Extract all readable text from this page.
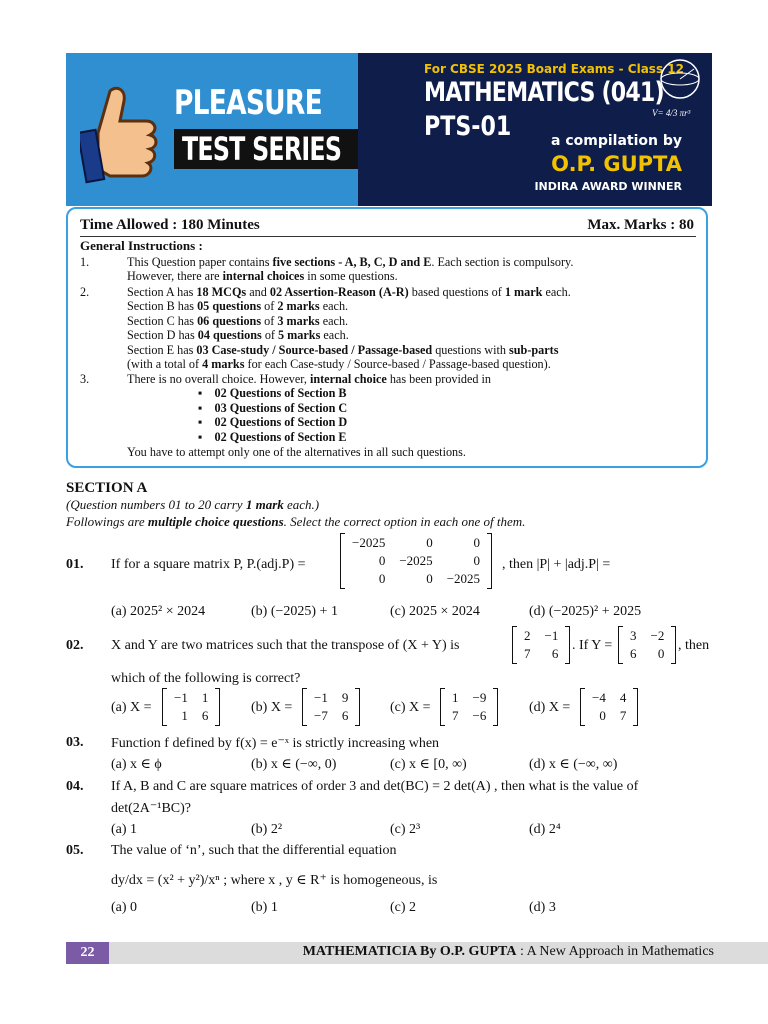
PLEASURE
TEST SERIES
For CBSE 2025 Board Exams - Class 12
MATHEMATICS (041)
PTS-01	V= 4/3 πr³
a compilation by
O.P. GUPTA
INDIRA AWARD WINNER
Time Allowed : 180 Minutes	Max. Marks : 80
General Instructions :
1.	This Question paper contains five sections - A, B, C, D and E. Each section is compulsory.
However, there are internal choices in some questions.
2.	Section A has 18 MCQs and 02 Assertion-Reason (A-R) based questions of 1 mark each.
Section B has 05 questions of 2 marks each.
Section C has 06 questions of 3 marks each.
Section D has 04 questions of 5 marks each.
Section E has 03 Case-study / Source-based / Passage-based questions with sub-parts
(with a total of 4 marks for each Case-study / Source-based / Passage-based question).
3.	There is no overall choice. However, internal choice has been provided in
▪    02 Questions of Section B
▪    03 Questions of Section C
▪    02 Questions of Section D
▪    02 Questions of Section E
You have to attempt only one of the alternatives in all such questions.
SECTION A
(Question numbers 01 to 20 carry 1 mark each.)
Followings are multiple choice questions. Select the correct option in each one of them.
01. If for a square matrix P, P.(adj.P) =
−2025	0	0
0	−2025	0
0	0	−2025
, then |P| + |adj.P| =
(a) 2025² × 2024	(b) (−2025) + 1	(c) 2025 × 2024	(d) (−2025)² + 2025
02. X and Y are two matrices such that the transpose of (X + Y) is
2	−1
7	6
. If Y =
3	−2
6	0
, then
which of the following is correct?
(a) X =
−1	1
1	6
(b) X =
−1	9
−7	6
(c) X =
1	−9
7	−6
(d) X =
−4	4
0	7
03. Function f defined by f(x) = e⁻ˣ is strictly increasing when
(a) x ∈ ϕ	(b) x ∈ (−∞, 0)	(c) x ∈ [0, ∞)	(d) x ∈ (−∞, ∞)
04. If A, B and C are square matrices of order 3 and det(BC) = 2 det(A) , then what is the value of
det(2A⁻¹BC)?
(a) 1	(b) 2²	(c) 2³	(d) 2⁴
05. The value of ‘n’, such that the differential equation
dy/dx = (x² + y²)/xⁿ ; where x , y ∈ R⁺ is homogeneous, is
(a) 0	(b) 1	(c) 2	(d) 3
22	MATHEMATICIA By O.P. GUPTA : A New Approach in Mathematics
